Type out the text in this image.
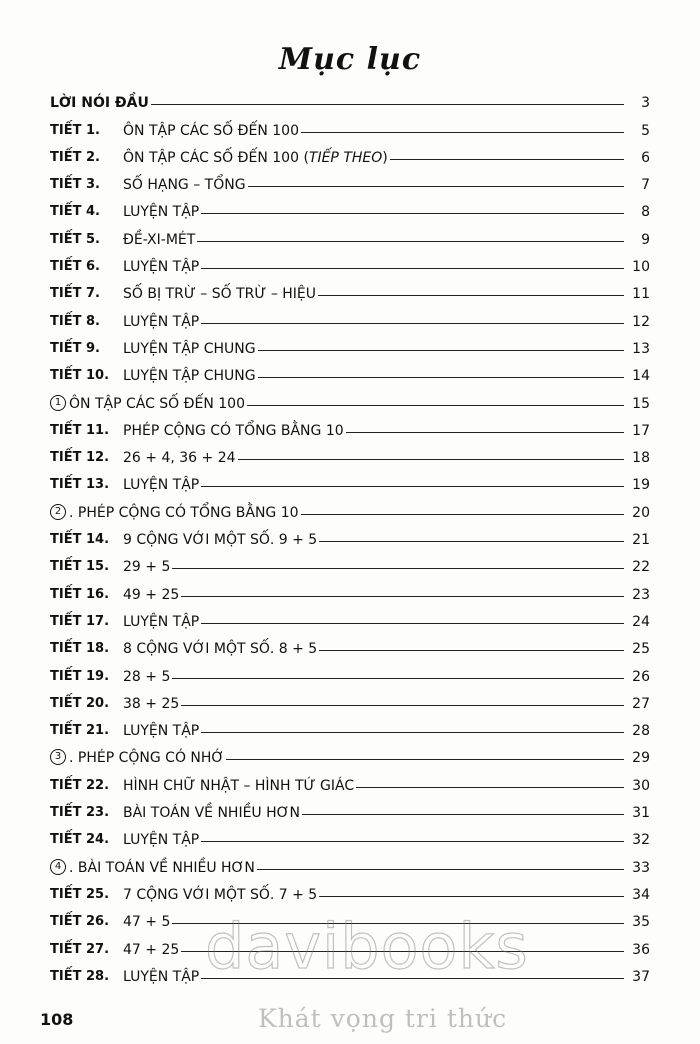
Mục lục
LỜI NÓI ĐẦU	3
TIẾT 1.	ÔN TẬP CÁC SỐ ĐẾN 100	5
TIẾT 2.	ÔN TẬP CÁC SỐ ĐẾN 100 (TIẾP THEO)	6
TIẾT 3.	SỐ HẠNG – TỔNG	7
TIẾT 4.	LUYỆN TẬP	8
TIẾT 5.	ĐỀ-XI-MÉT	9
TIẾT 6.	LUYỆN TẬP	10
TIẾT 7.	SỐ BỊ TRỪ – SỐ TRỪ – HIỆU	11
TIẾT 8.	LUYỆN TẬP	12
TIẾT 9.	LUYỆN TẬP CHUNG	13
TIẾT 10. LUYỆN TẬP CHUNG	14
1 ÔN TẬP CÁC SỐ ĐẾN 100	15
TIẾT 11. PHÉP CỘNG CÓ TỔNG BẰNG 10	17
TIẾT 12. 26 + 4, 36 + 24	18
TIẾT 13. LUYỆN TẬP	19
2 . PHÉP CỘNG CÓ TỔNG BẰNG 10	20
TIẾT 14. 9 CỘNG VỚI MỘT SỐ. 9 + 5	21
TIẾT 15. 29 + 5	22
TIẾT 16. 49 + 25	23
TIẾT 17. LUYỆN TẬP	24
TIẾT 18. 8 CỘNG VỚI MỘT SỐ. 8 + 5	25
TIẾT 19. 28 + 5	26
TIẾT 20. 38 + 25	27
TIẾT 21. LUYỆN TẬP	28
3 . PHÉP CỘNG CÓ NHỚ	29
TIẾT 22. HÌNH CHỮ NHẬT – HÌNH TỨ GIÁC	30
TIẾT 23. BÀI TOÁN VỀ NHIỀU HƠN	31
TIẾT 24. LUYỆN TẬP	32
4 . BÀI TOÁN VỀ NHIỀU HƠN	33
TIẾT 25. 7 CỘNG VỚI MỘT SỐ. 7 + 5	34
TIẾT 26. 47 + 5	35
TIẾT 27. 47 + 25	36
TIẾT 28. LUYỆN TẬP	37
108
davibooks
Khát vọng tri thức
